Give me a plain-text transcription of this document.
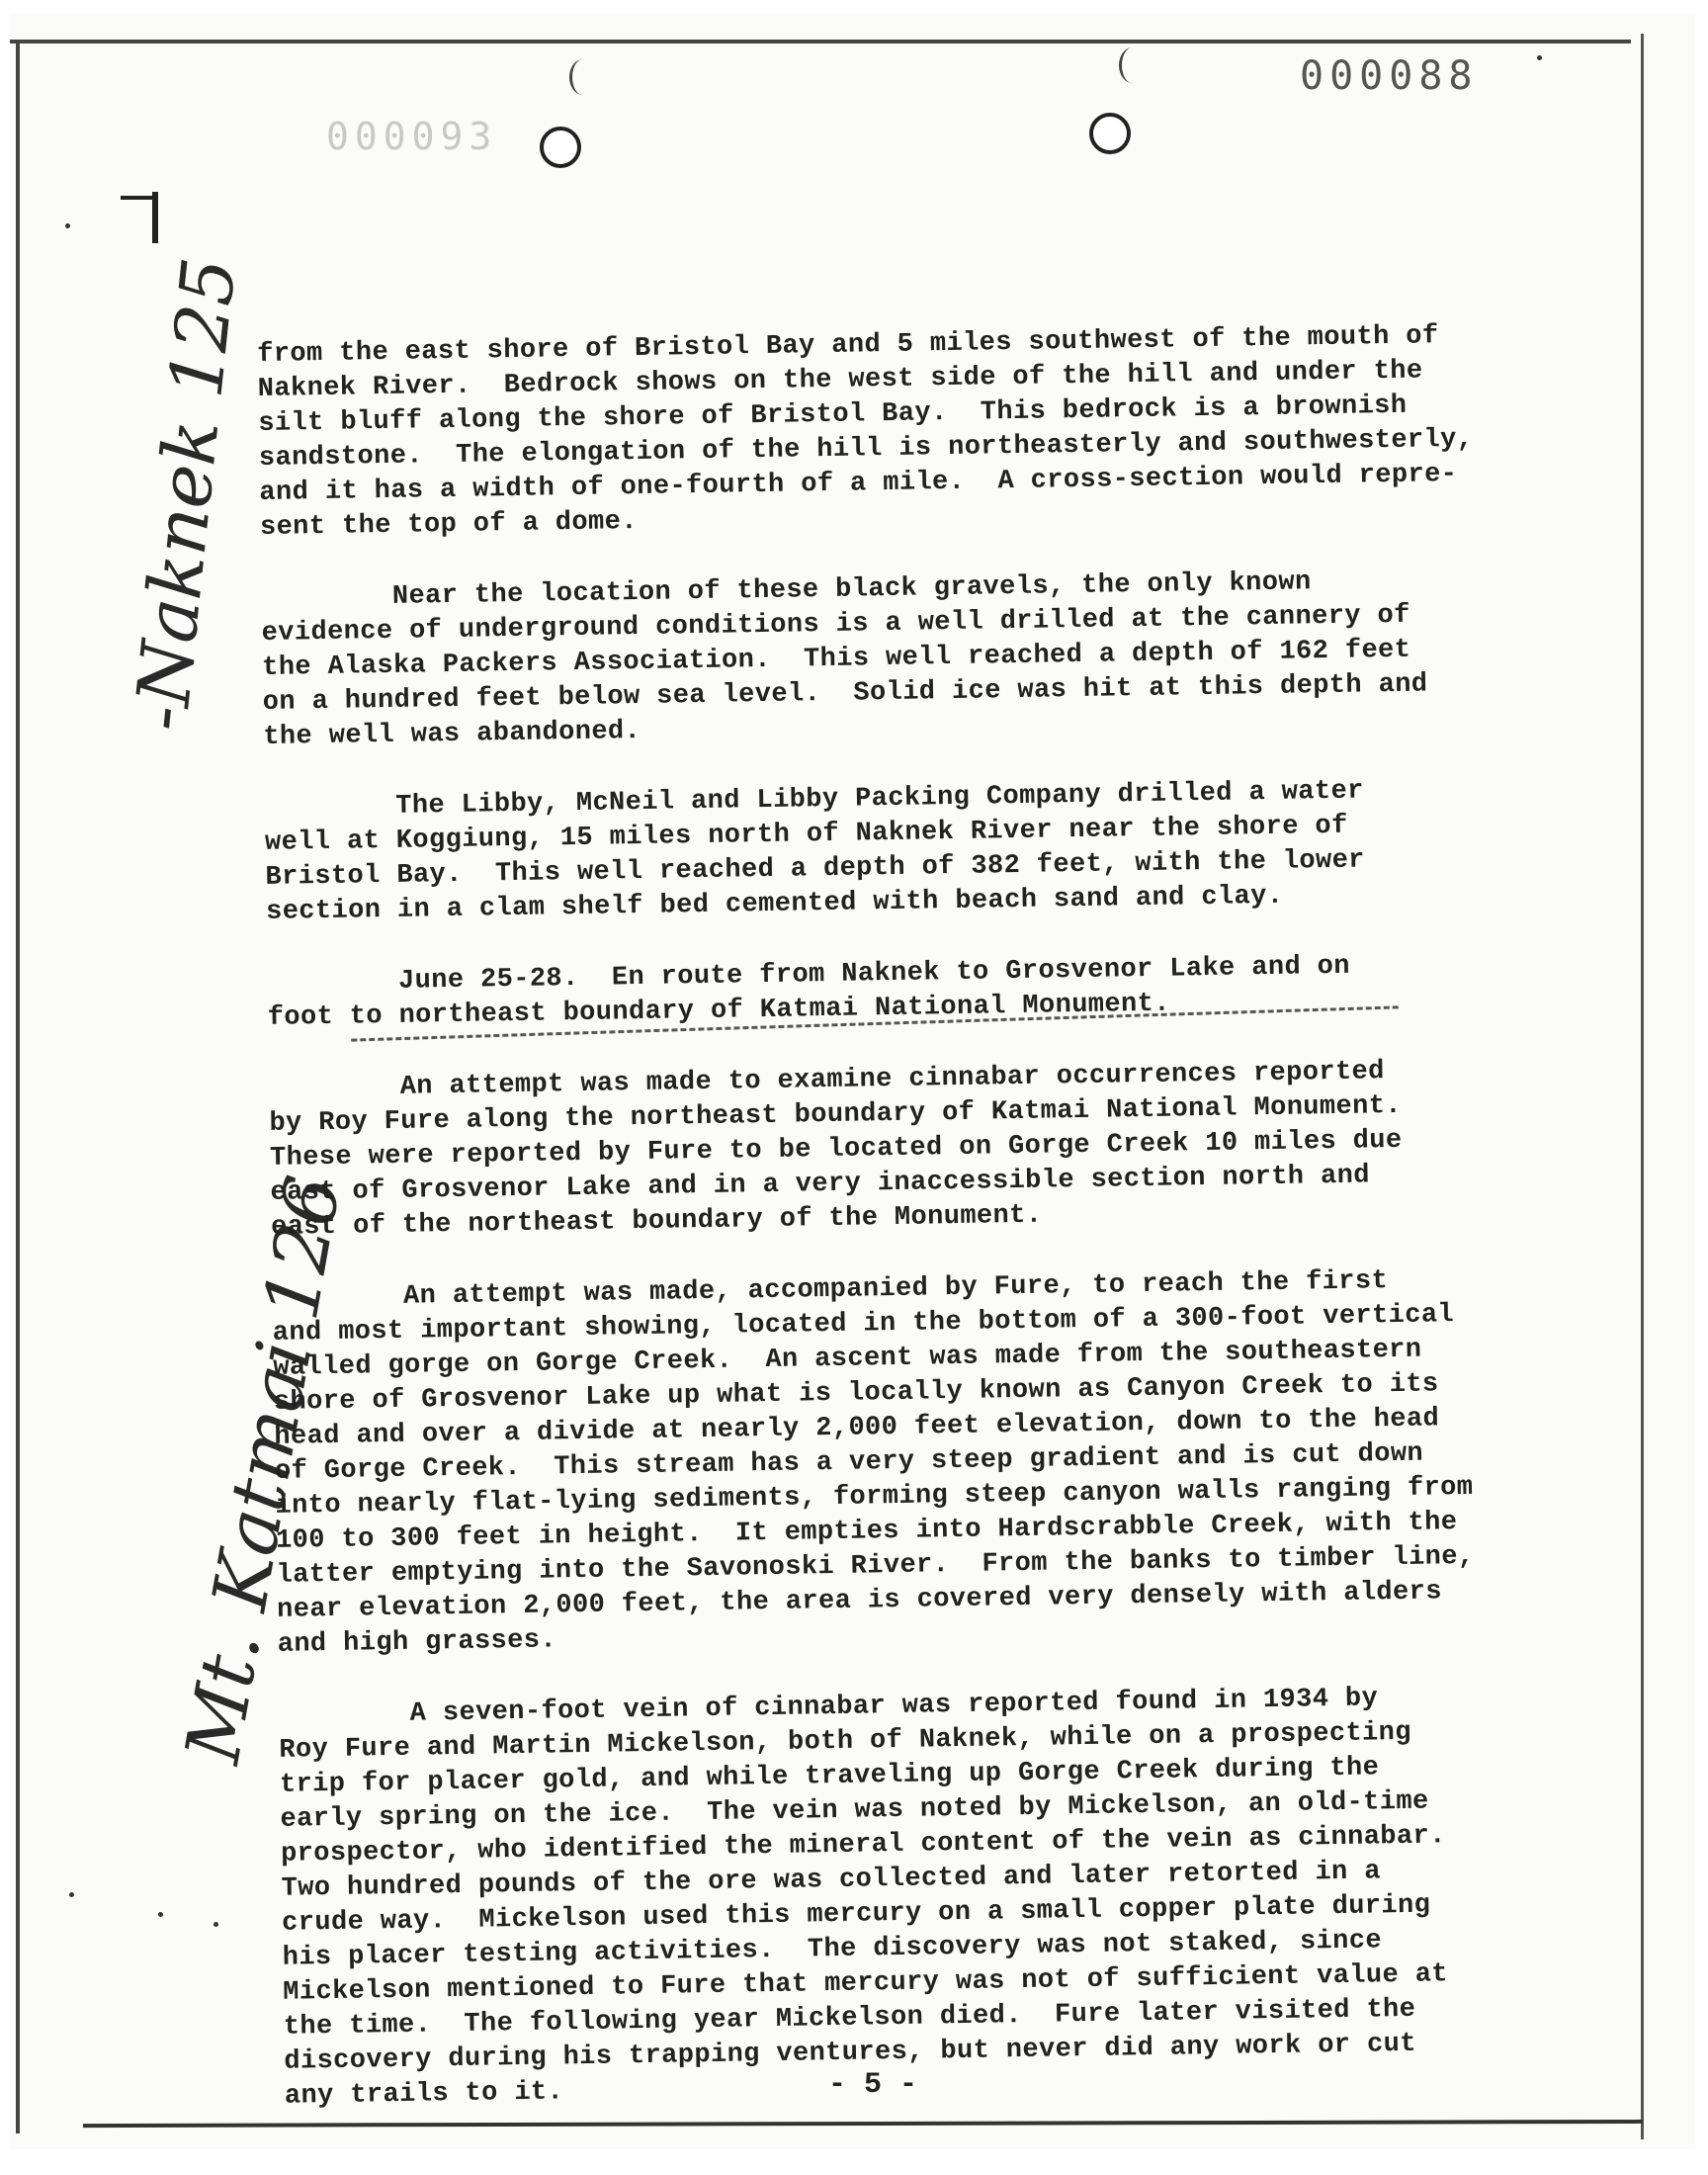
000093
000088
-Naknek 125
Mt. Katmai 126
from the east shore of Bristol Bay and 5 miles southwest of the mouth of
Naknek River.  Bedrock shows on the west side of the hill and under the
silt bluff along the shore of Bristol Bay.  This bedrock is a brownish
sandstone.  The elongation of the hill is northeasterly and southwesterly,
and it has a width of one-fourth of a mile.  A cross-section would repre-
sent the top of a dome.
Near the location of these black gravels, the only known
evidence of underground conditions is a well drilled at the cannery of
the Alaska Packers Association.  This well reached a depth of 162 feet
on a hundred feet below sea level.  Solid ice was hit at this depth and
the well was abandoned.
The Libby, McNeil and Libby Packing Company drilled a water
well at Koggiung, 15 miles north of Naknek River near the shore of
Bristol Bay.  This well reached a depth of 382 feet, with the lower
section in a clam shelf bed cemented with beach sand and clay.
June 25-28.  En route from Naknek to Grosvenor Lake and on
foot to northeast boundary of Katmai National Monument.
An attempt was made to examine cinnabar occurrences reported
by Roy Fure along the northeast boundary of Katmai National Monument.
These were reported by Fure to be located on Gorge Creek 10 miles due
east of Grosvenor Lake and in a very inaccessible section north and
east of the northeast boundary of the Monument.
An attempt was made, accompanied by Fure, to reach the first
and most important showing, located in the bottom of a 300-foot vertical
walled gorge on Gorge Creek.  An ascent was made from the southeastern
shore of Grosvenor Lake up what is locally known as Canyon Creek to its
head and over a divide at nearly 2,000 feet elevation, down to the head
of Gorge Creek.  This stream has a very steep gradient and is cut down
into nearly flat-lying sediments, forming steep canyon walls ranging from
100 to 300 feet in height.  It empties into Hardscrabble Creek, with the
latter emptying into the Savonoski River.  From the banks to timber line,
near elevation 2,000 feet, the area is covered very densely with alders
and high grasses.
A seven-foot vein of cinnabar was reported found in 1934 by
Roy Fure and Martin Mickelson, both of Naknek, while on a prospecting
trip for placer gold, and while traveling up Gorge Creek during the
early spring on the ice.  The vein was noted by Mickelson, an old-time
prospector, who identified the mineral content of the vein as cinnabar.
Two hundred pounds of the ore was collected and later retorted in a
crude way.  Mickelson used this mercury on a small copper plate during
his placer testing activities.  The discovery was not staked, since
Mickelson mentioned to Fure that mercury was not of sufficient value at
the time.  The following year Mickelson died.  Fure later visited the
discovery during his trapping ventures, but never did any work or cut
any trails to it.	- 5 -
